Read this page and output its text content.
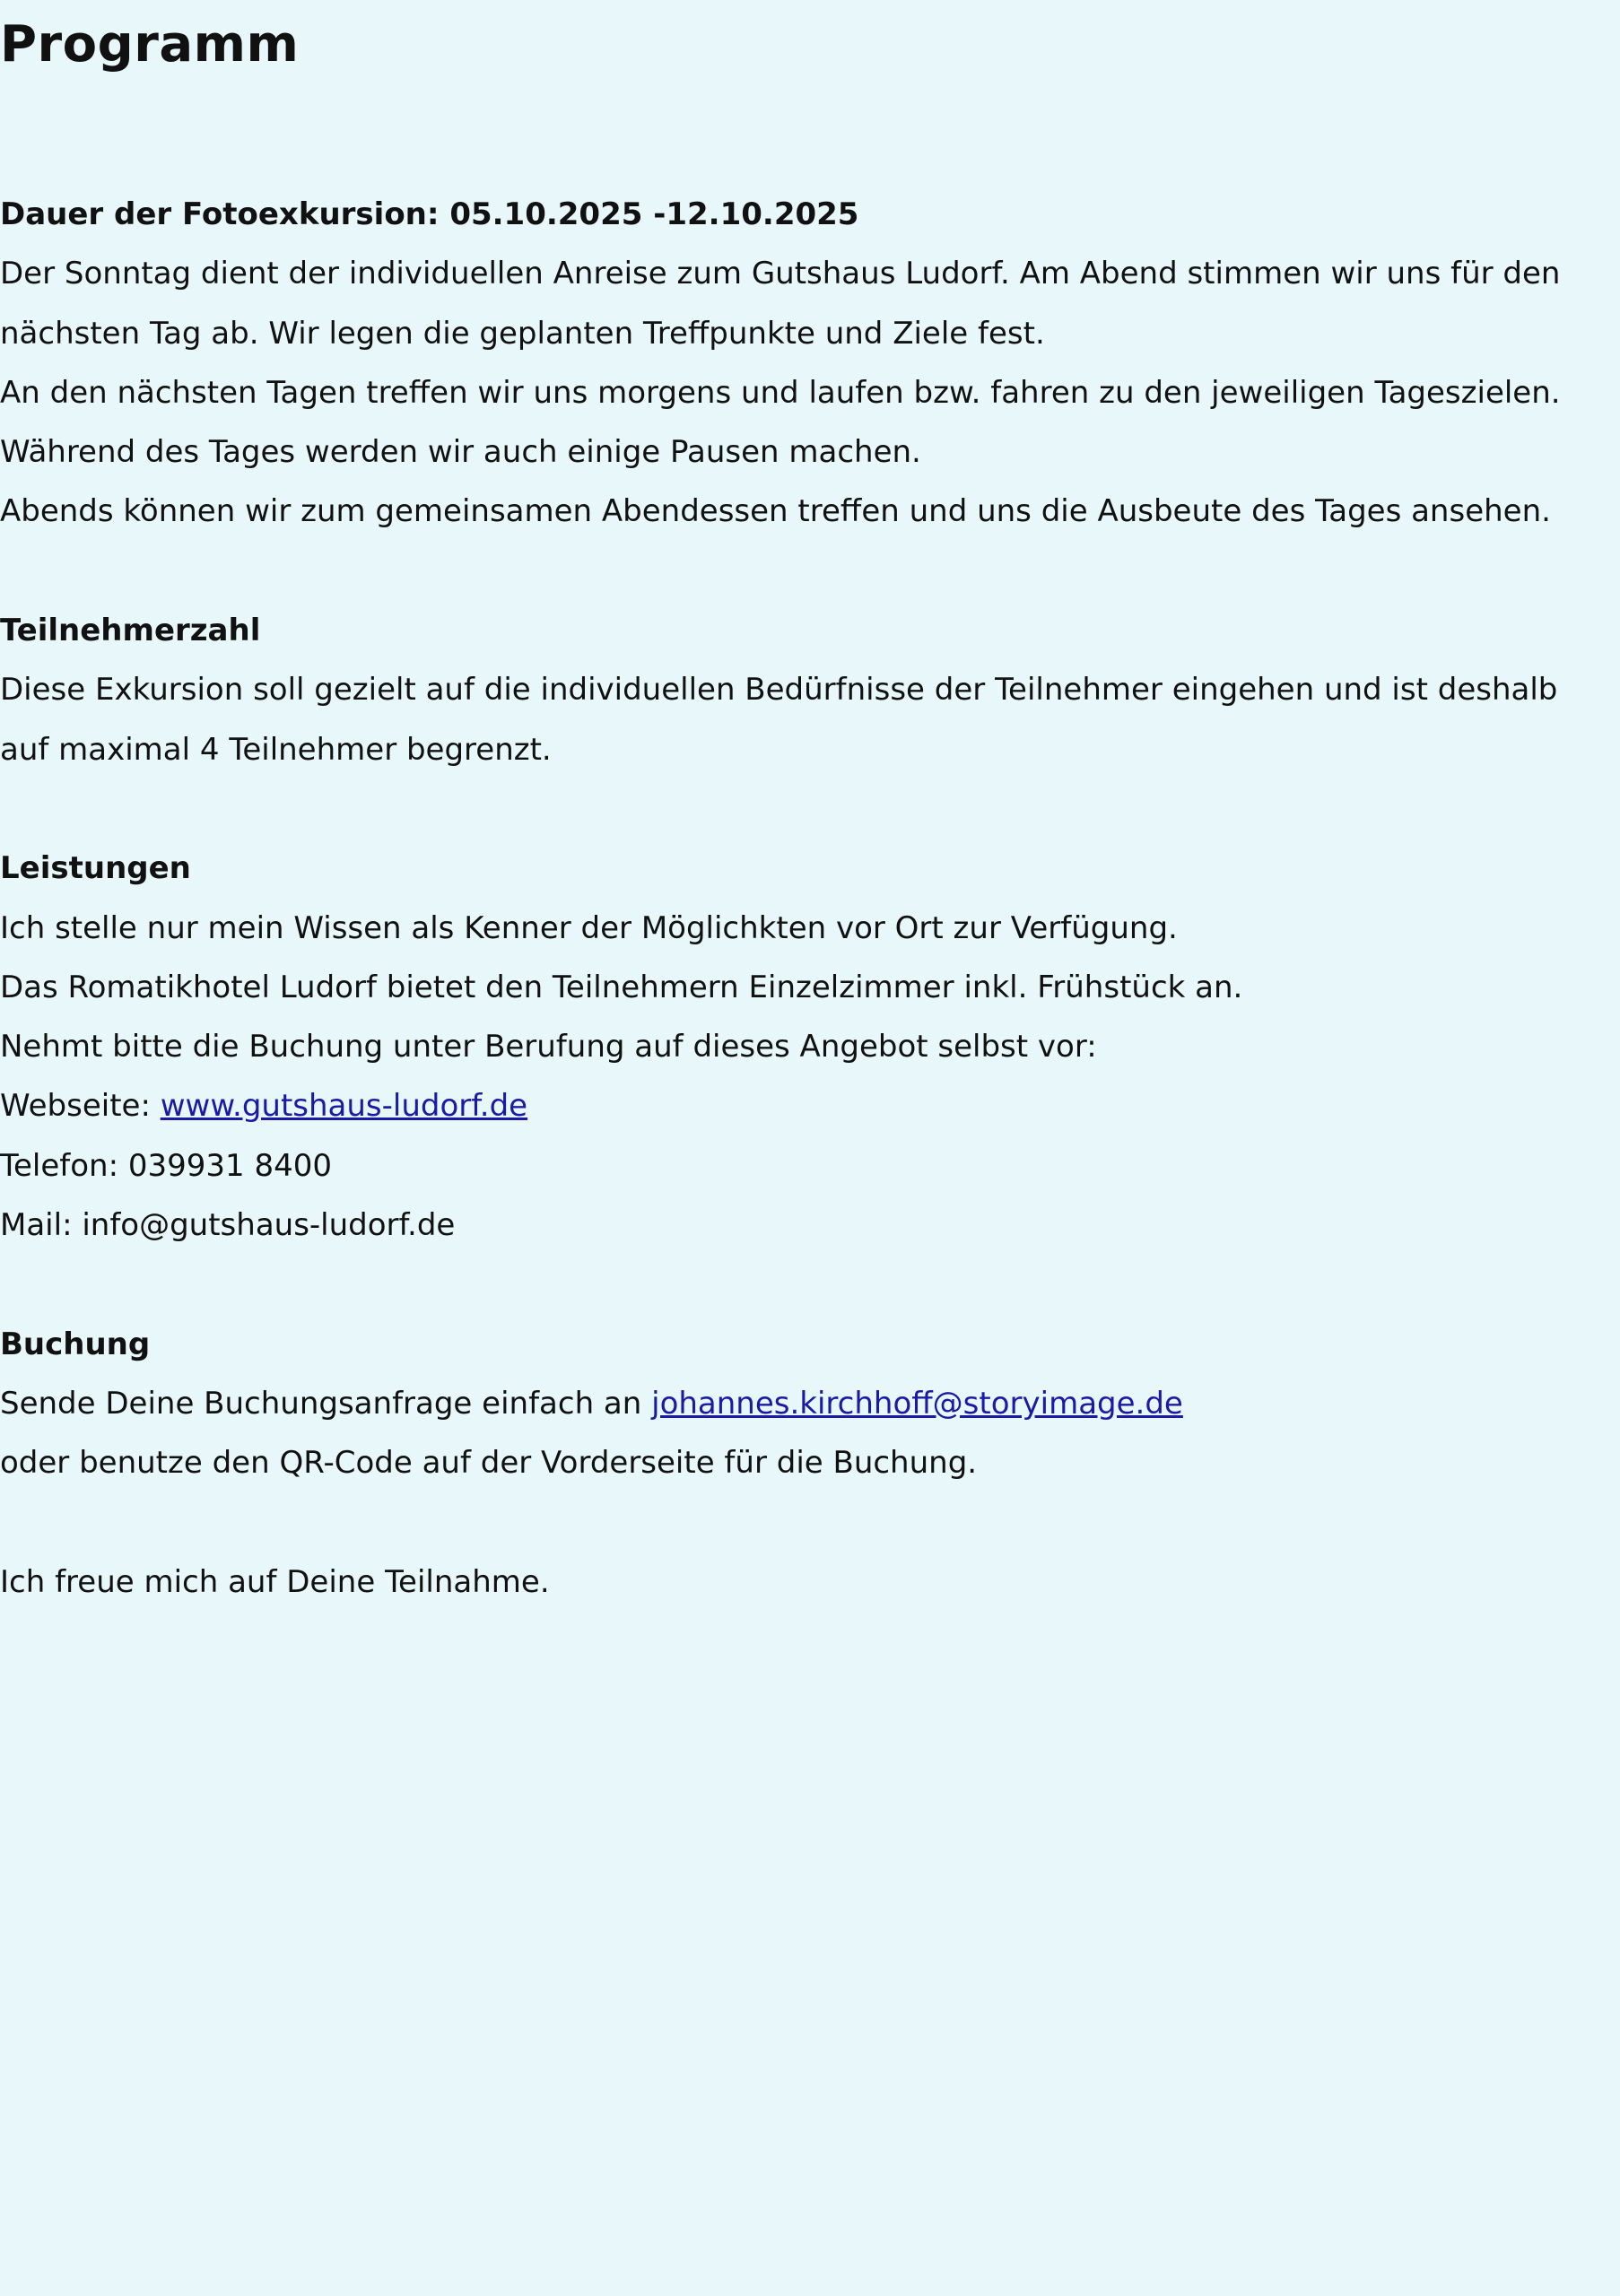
Programm
Dauer der Fotoexkursion: 05.10.2025 -12.10.2025
Der Sonntag dient der individuellen Anreise zum Gutshaus Ludorf. Am Abend stimmen wir uns für den
nächsten Tag ab. Wir legen die geplanten Treffpunkte und Ziele fest.
An den nächsten Tagen treffen wir uns morgens und laufen bzw. fahren zu den jeweiligen Tageszielen.
Während des Tages werden wir auch einige Pausen machen.
Abends können wir zum gemeinsamen Abendessen treffen und uns die Ausbeute des Tages ansehen.
Teilnehmerzahl
Diese Exkursion soll gezielt auf die individuellen Bedürfnisse der Teilnehmer eingehen und ist deshalb
auf maximal 4 Teilnehmer begrenzt.
Leistungen
Ich stelle nur mein Wissen als Kenner der Möglichkten vor Ort zur Verfügung.
Das Romatikhotel Ludorf bietet den Teilnehmern Einzelzimmer inkl. Frühstück an.
Nehmt bitte die Buchung unter Berufung auf dieses Angebot selbst vor:
Webseite: www.gutshaus-ludorf.de
Telefon: 039931 8400
Mail: info@gutshaus-ludorf.de
Buchung
Sende Deine Buchungsanfrage einfach an johannes.kirchhoff@storyimage.de
oder benutze den QR-Code auf der Vorderseite für die Buchung.
Ich freue mich auf Deine Teilnahme.
